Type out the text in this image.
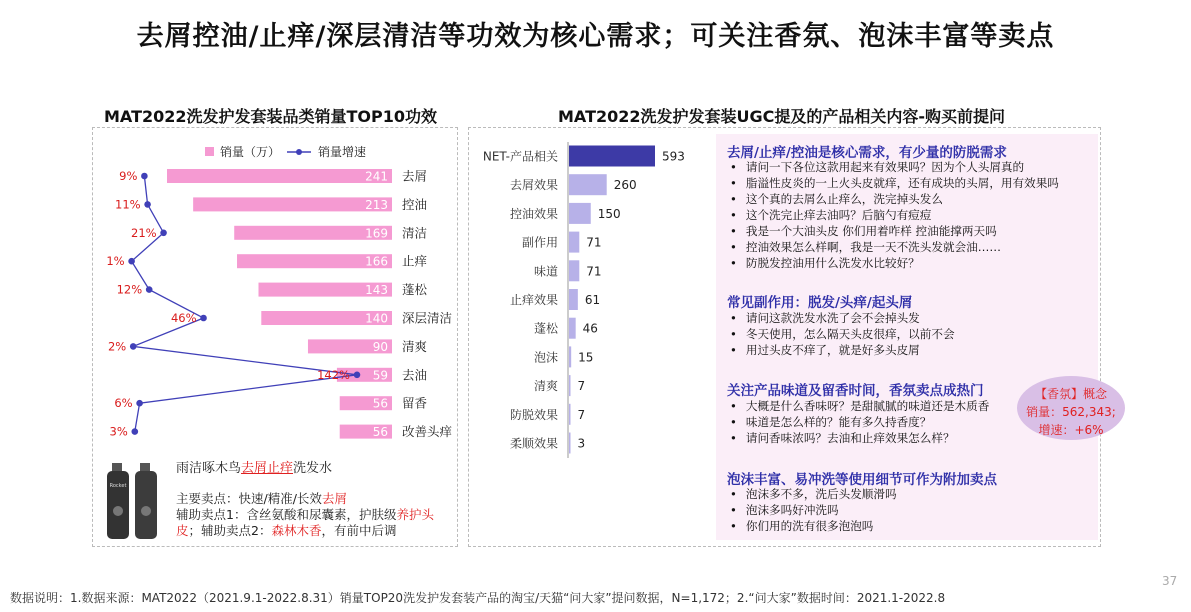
去屑控油/止痒/深层清洁等功效为核心需求；可关注香氛、泡沫丰富等卖点
MAT2022洗发护发套装品类销量TOP10功效
销量（万）	销量增速
241 去屑
213 控油
169 清洁
166 止痒
143 蓬松
140 深层清洁
90 清爽
59 去油
56 留香
56 改善头痒
9%
11%
21%
1%
12%
46%
2%
142%
6%
3%
Rocket
雨洁啄木鸟去屑止痒洗发水
主要卖点：快速/精准/长效去屑
辅助卖点1：含丝氨酸和尿囊素，护肤级养护头皮；辅助卖点2：森林木香，有前中后调
MAT2022洗发护发套装UGC提及的产品相关内容-购买前提问
NET-产品相关	593
去屑效果	260
控油效果	150
副作用 71
味道 71
止痒效果 61
蓬松 46
泡沫 15
清爽 7
防脱效果 7
柔顺效果 3
去屑/止痒/控油是核心需求，有少量的防脱需求
• 请问一下各位这款用起来有效果吗？因为个人头屑真的
• 脂溢性皮炎的一上火头皮就痒，还有成块的头屑，用有效果吗
• 这个真的去屑么止痒么，洗完掉头发么
• 这个洗完止痒去油吗？后脑勺有痘痘
• 我是一个大油头皮 你们用着咋样 控油能撑两天吗
• 控油效果怎么样啊，我是一天不洗头发就会油……
• 防脱发控油用什么洗发水比较好？
常见副作用：脱发/头痒/起头屑
• 请问这款洗发水洗了会不会掉头发
• 冬天使用，怎么隔天头皮很痒，以前不会
• 用过头皮不痒了，就是好多头皮屑
关注产品味道及留香时间，香氛卖点成热门
• 大概是什么香味呀？是甜腻腻的味道还是木质香
• 味道是怎么样的？能有多久持香度？
• 请问香味浓吗？去油和止痒效果怎么样？
泡沫丰富、易冲洗等使用细节可作为附加卖点
• 泡沫多不多，洗后头发顺滑吗
• 泡沫多吗好冲洗吗
• 你们用的洗有很多泡泡吗
【香氛】概念
销量：562,343;
增速：+6%
数据说明：1.数据来源：MAT2022（2021.9.1-2022.8.31）销量TOP20洗发护发套装产品的淘宝/天猫“问大家”提问数据，N=1,172；2.“问大家”数据时间：2021.1-2022.8
37
